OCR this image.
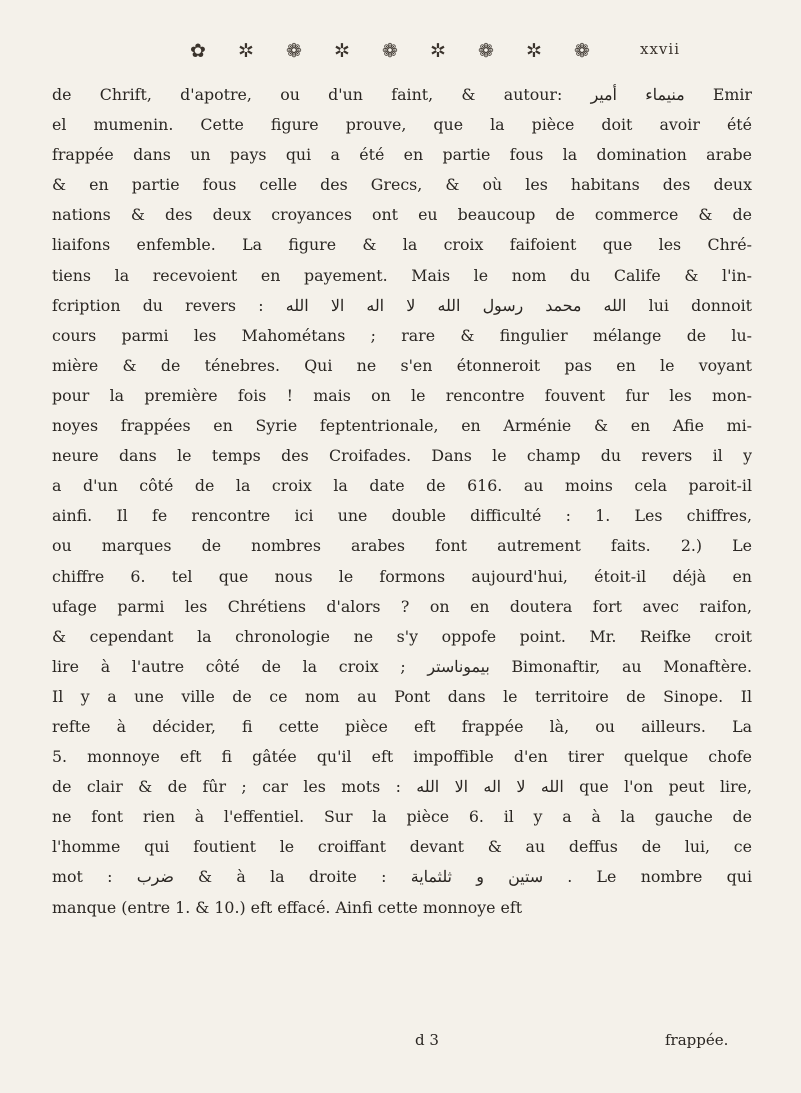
✿ ✲ ❁ ✲ ❁ ✲ ❁ ✲ ❁	xxvii
de Chrift, d'apotre, ou d'un faint, & autour: منيماء أمير Emir
el mumenin. Cette figure prouve, que la pièce doit avoir été
frappée dans un pays qui a été en partie fous la domination arabe
& en partie fous celle des Grecs, & où les habitans des deux
nations & des deux croyances ont eu beaucoup de commerce & de
liaifons enfemble. La figure & la croix faifoient que les Chré-
tiens la recevoient en payement. Mais le nom du Calife & l'in-
fcription du revers : الله محمد رسول الله لا اله الا الله lui donnoit
cours parmi les Mahométans ; rare & fingulier mélange de lu-
mière & de ténebres. Qui ne s'en étonneroit pas en le voyant
pour la première fois ! mais on le rencontre fouvent fur les mon-
noyes frappées en Syrie feptentrionale, en Arménie & en Afie mi-
neure dans le temps des Croifades. Dans le champ du revers il y
a d'un côté de la croix la date de 616. au moins cela paroit-il
ainfi. Il fe rencontre ici une double difficulté : 1. Les chiffres,
ou marques de nombres arabes font autrement faits. 2.) Le
chiffre 6. tel que nous le formons aujourd'hui, étoit-il déjà en
ufage parmi les Chrétiens d'alors ? on en doutera fort avec raifon,
& cependant la chronologie ne s'y oppofe point. Mr. Reifke croit
lire à l'autre côté de la croix ; بيموناستر Bimonaftir, au Monaftère.
Il y a une ville de ce nom au Pont dans le territoire de Sinope. Il
refte à décider, fi cette pièce eft frappée là, ou ailleurs. La
5. monnoye eft fi gâtée qu'il eft impoffible d'en tirer quelque chofe
de clair & de fûr ; car les mots : الله لا اله الا الله que l'on peut lire,
ne font rien à l'effentiel. Sur la pièce 6. il y a à la gauche de
l'homme qui foutient le croiffant devant & au deffus de lui, ce
mot : ضرب & à la droite : ستين و ثلثماية . Le nombre qui
manque (entre 1. & 10.) eft effacé. Ainfi cette monnoye eft
d 3	frappée.
